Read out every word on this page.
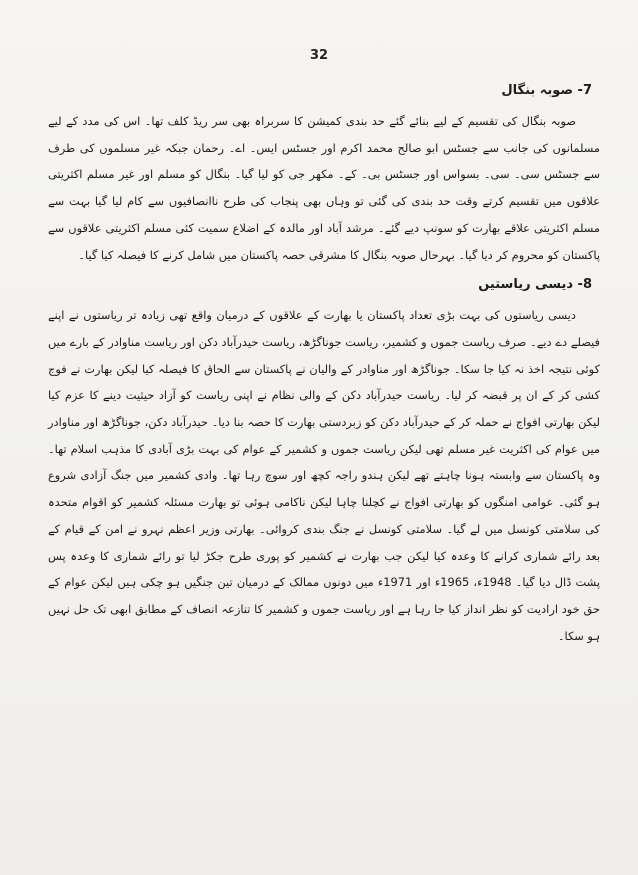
32
7- صوبہ بنگال

صوبہ بنگال کی تقسیم کے لیے بنائے گئے حد بندی کمیشن کا سربراہ بھی سر ریڈ کلف تھا۔ اس کی مدد کے لیے مسلمانوں کی جانب سے جسٹس ابو صالح محمد اکرم اور جسٹس ایس۔ اے۔ رحمان جبکہ غیر مسلموں کی طرف سے جسٹس سی۔ سی۔ بسواس اور جسٹس بی۔ کے۔ مکھر جی کو لیا گیا۔ بنگال کو مسلم اور غیر مسلم اکثریتی علاقوں میں تقسیم کرتے وقت حد بندی کی گئی تو وہاں بھی پنجاب کی طرح ناانصافیوں سے کام لیا گیا بہت سے مسلم اکثریتی علاقے بھارت کو سونپ دیے گئے۔ مرشد آباد اور مالدہ کے اضلاع سمیت کئی مسلم اکثریتی علاقوں سے پاکستان کو محروم کر دیا گیا۔ بہرحال صوبہ بنگال کا مشرقی حصہ پاکستان میں شامل کرنے کا فیصلہ کیا گیا۔

8- دیسی ریاستیں

دیسی ریاستوں کی بہت بڑی تعداد پاکستان یا بھارت کے علاقوں کے درمیان واقع تھی زیادہ تر ریاستوں نے اپنے فیصلے دے دیے۔ صرف ریاست جموں و کشمیر، ریاست جوناگڑھ، ریاست حیدرآباد دکن اور ریاست مناوادر کے بارے میں کوئی نتیجہ اخذ نہ کیا جا سکا۔ جوناگڑھ اور مناوادر کے والیان نے پاکستان سے الحاق کا فیصلہ کیا لیکن بھارت نے فوج کشی کر کے ان پر قبضہ کر لیا۔ ریاست حیدرآباد دکن کے والی نظام نے اپنی ریاست کو آزاد حیثیت دینے کا عزم کیا لیکن بھارتی افواج نے حملہ کر کے حیدرآباد دکن کو زبردستی بھارت کا حصہ بنا دیا۔ حیدرآباد دکن، جوناگڑھ اور مناوادر میں عوام کی اکثریت غیر مسلم تھی لیکن ریاست جموں و کشمیر کے عوام کی بہت بڑی آبادی کا مذہب اسلام تھا۔ وہ پاکستان سے وابستہ ہونا چاہتے تھے لیکن ہندو راجہ کچھ اور سوچ رہا تھا۔ وادی کشمیر میں جنگ آزادی شروع ہو گئی۔ عوامی امنگوں کو بھارتی افواج نے کچلنا چاہا لیکن ناکامی ہوئی تو بھارت مسئلہ کشمیر کو اقوام متحدہ کی سلامتی کونسل میں لے گیا۔ سلامتی کونسل نے جنگ بندی کروائی۔ بھارتی وزیر اعظم نہرو نے امن کے قیام کے بعد رائے شماری کرانے کا وعدہ کیا لیکن جب بھارت نے کشمیر کو پوری طرح جکڑ لیا تو رائے شماری کا وعدہ پس پشت ڈال دیا گیا۔ 1948ء، 1965ء اور 1971ء میں دونوں ممالک کے درمیان تین جنگیں ہو چکی ہیں لیکن عوام کے حق خود ارادیت کو نظر انداز کیا جا رہا ہے اور ریاست جموں و کشمیر کا تنازعہ انصاف کے مطابق ابھی تک حل نہیں ہو سکا۔
